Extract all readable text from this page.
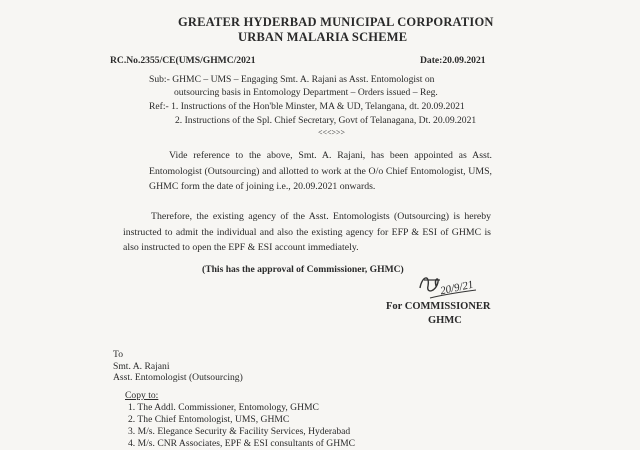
GREATER HYDERBAD MUNICIPAL CORPORATION
URBAN MALARIA SCHEME
RC.No.2355/CE(UMS/GHMC/2021	Date:20.09.2021
Sub:- GHMC – UMS – Engaging Smt. A. Rajani as Asst. Entomologist on
outsourcing basis in Entomology Department – Orders issued – Reg.
Ref:- 1. Instructions of the Hon'ble Minster, MA & UD, Telangana, dt. 20.09.2021
2. Instructions of the Spl. Chief Secretary, Govt of Telanagana, Dt. 20.09.2021
<<<>>>
Vide reference to the above, Smt. A. Rajani, has been appointed as Asst. Entomologist (Outsourcing) and allotted to work at the O/o Chief Entomologist, UMS, GHMC form the date of joining i.e., 20.09.2021 onwards.
Therefore, the existing agency of the Asst. Entomologists (Outsourcing) is hereby instructed to admit the individual and also the existing agency for EFP & ESI of GHMC is also instructed to open the EPF & ESI account immediately.
(This has the approval of Commissioner, GHMC)
20/9/21
For COMMISSIONER
GHMC
To
Smt. A. Rajani
Asst. Entomologist (Outsourcing)
Copy to:
1. The Addl. Commissioner, Entomology, GHMC
2. The Chief Entomologist, UMS, GHMC
3. M/s. Elegance Security & Facility Services, Hyderabad
4. M/s. CNR Associates, EPF & ESI consultants of GHMC
